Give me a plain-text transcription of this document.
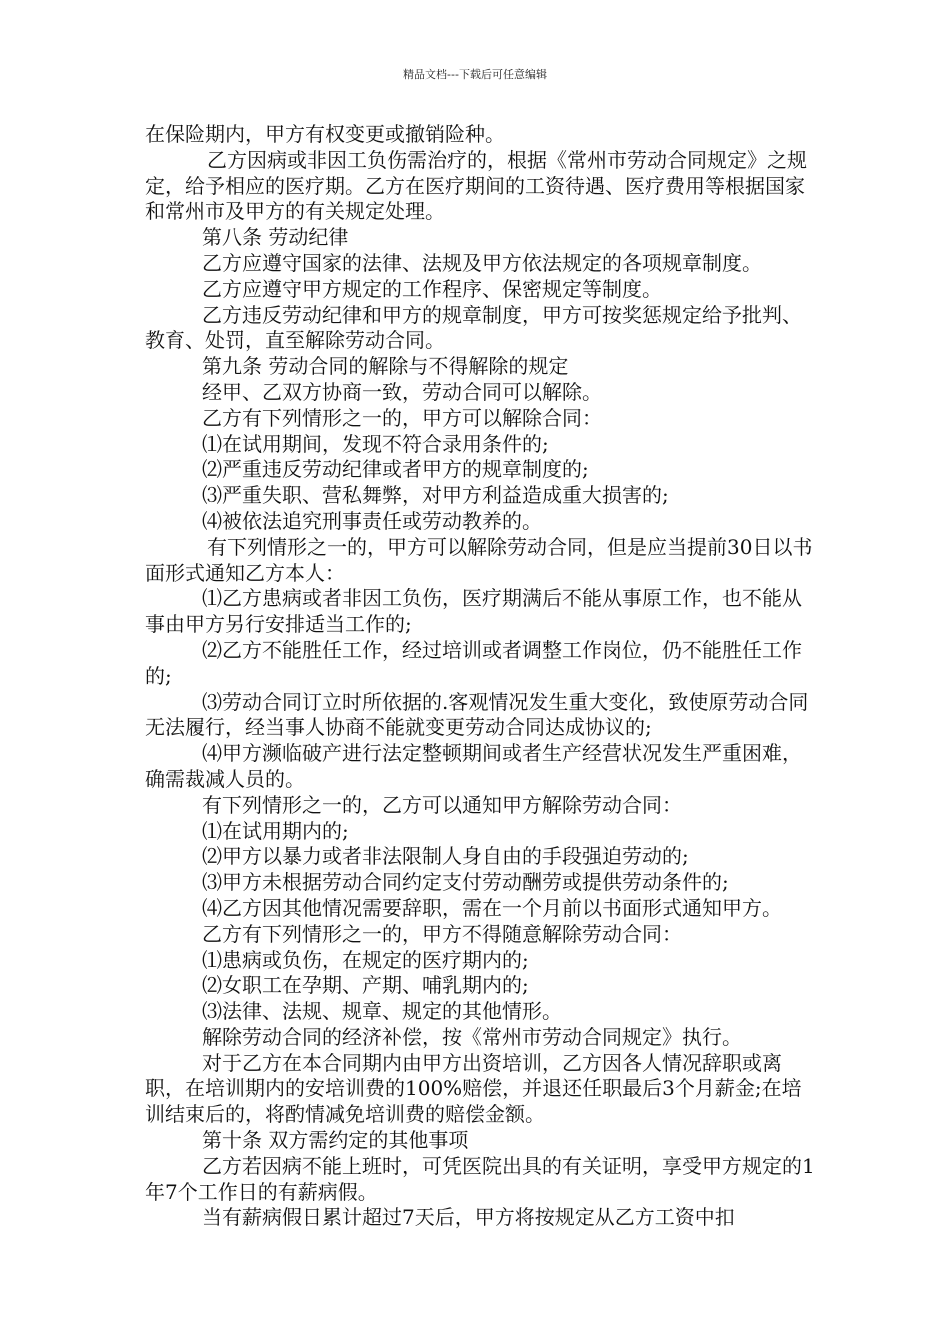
精品文档---下载后可任意编辑

在保险期内，甲方有权变更或撤销险种。

乙方因病或非因工负伤需治疗的，根据《常州市劳动合同规定》之规定，给予相应的医疗期。乙方在医疗期间的工资待遇、医疗费用等根据国家和常州市及甲方的有关规定处理。

第八条 劳动纪律

乙方应遵守国家的法律、法规及甲方依法规定的各项规章制度。

乙方应遵守甲方规定的工作程序、保密规定等制度。

乙方违反劳动纪律和甲方的规章制度，甲方可按奖惩规定给予批判、教育、处罚，直至解除劳动合同。

第九条 劳动合同的解除与不得解除的规定

经甲、乙双方协商一致，劳动合同可以解除。

乙方有下列情形之一的，甲方可以解除合同：

⑴在试用期间，发现不符合录用条件的;

⑵严重违反劳动纪律或者甲方的规章制度的;

⑶严重失职、营私舞弊，对甲方利益造成重大损害的;

⑷被依法追究刑事责任或劳动教养的。

有下列情形之一的，甲方可以解除劳动合同，但是应当提前30日以书面形式通知乙方本人：

⑴乙方患病或者非因工负伤，医疗期满后不能从事原工作，也不能从事由甲方另行安排适当工作的;

⑵乙方不能胜任工作，经过培训或者调整工作岗位，仍不能胜任工作的;

⑶劳动合同订立时所依据的.客观情况发生重大变化，致使原劳动合同无法履行，经当事人协商不能就变更劳动合同达成协议的;

⑷甲方濒临破产进行法定整顿期间或者生产经营状况发生严重困难，确需裁减人员的。

有下列情形之一的，乙方可以通知甲方解除劳动合同：

⑴在试用期内的;

⑵甲方以暴力或者非法限制人身自由的手段强迫劳动的;

⑶甲方未根据劳动合同约定支付劳动酬劳或提供劳动条件的;

⑷乙方因其他情况需要辞职，需在一个月前以书面形式通知甲方。

乙方有下列情形之一的，甲方不得随意解除劳动合同：

⑴患病或负伤，在规定的医疗期内的;

⑵女职工在孕期、产期、哺乳期内的;

⑶法律、法规、规章、规定的其他情形。

解除劳动合同的经济补偿，按《常州市劳动合同规定》执行。

对于乙方在本合同期内由甲方出资培训，乙方因各人情况辞职或离职，在培训期内的安培训费的100%赔偿，并退还任职最后3个月薪金;在培训结束后的，将酌情减免培训费的赔偿金额。

第十条 双方需约定的其他事项

乙方若因病不能上班时，可凭医院出具的有关证明，享受甲方规定的1年7个工作日的有薪病假。

当有薪病假日累计超过7天后，甲方将按规定从乙方工资中扣
